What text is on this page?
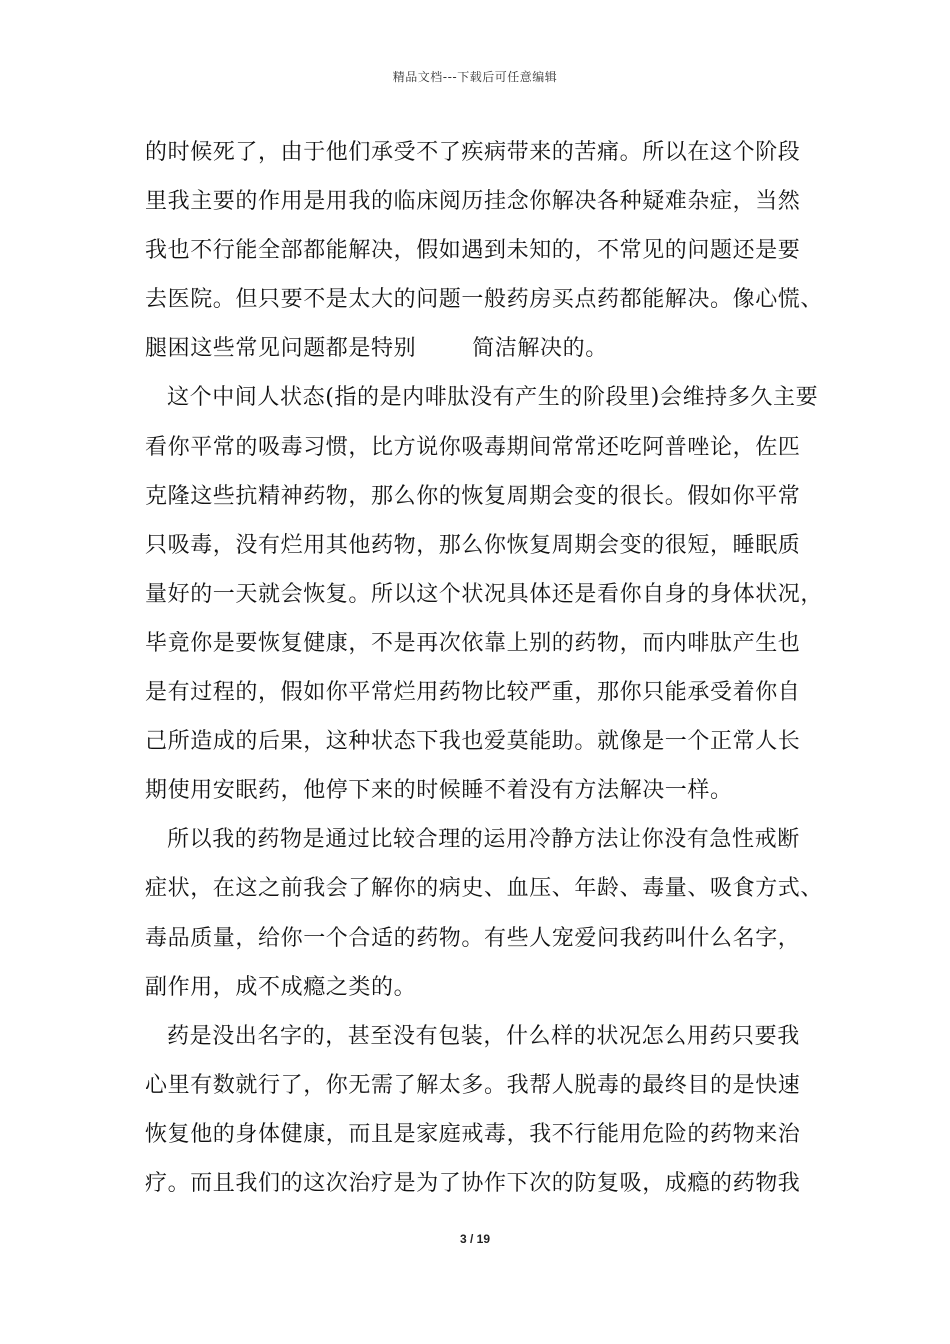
精品文档---下载后可任意编辑
的时候死了，由于他们承受不了疾病带来的苦痛。所以在这个阶段
里我主要的作用是用我的临床阅历挂念你解决各种疑难杂症，当然
我也不行能全部都能解决，假如遇到未知的，不常见的问题还是要
去医院。但只要不是太大的问题一般药房买点药都能解决。像心慌、
腿困这些常见问题都是特别	简洁解决的。
这个中间人状态(指的是内啡肽没有产生的阶段里)会维持多久主要
看你平常的吸毒习惯，比方说你吸毒期间常常还吃阿普唑论，佐匹
克隆这些抗精神药物，那么你的恢复周期会变的很长。假如你平常
只吸毒，没有烂用其他药物，那么你恢复周期会变的很短，睡眠质
量好的一天就会恢复。所以这个状况具体还是看你自身的身体状况，
毕竟你是要恢复健康，不是再次依靠上别的药物，而内啡肽产生也
是有过程的，假如你平常烂用药物比较严重，那你只能承受着你自
己所造成的后果，这种状态下我也爱莫能助。就像是一个正常人长
期使用安眠药，他停下来的时候睡不着没有方法解决一样。
所以我的药物是通过比较合理的运用冷静方法让你没有急性戒断
症状，在这之前我会了解你的病史、血压、年龄、毒量、吸食方式、
毒品质量，给你一个合适的药物。有些人宠爱问我药叫什么名字，
副作用，成不成瘾之类的。
药是没出名字的，甚至没有包装，什么样的状况怎么用药只要我
心里有数就行了，你无需了解太多。我帮人脱毒的最终目的是快速
恢复他的身体健康，而且是家庭戒毒，我不行能用危险的药物来治
疗。而且我们的这次治疗是为了协作下次的防复吸，成瘾的药物我
3 / 19
